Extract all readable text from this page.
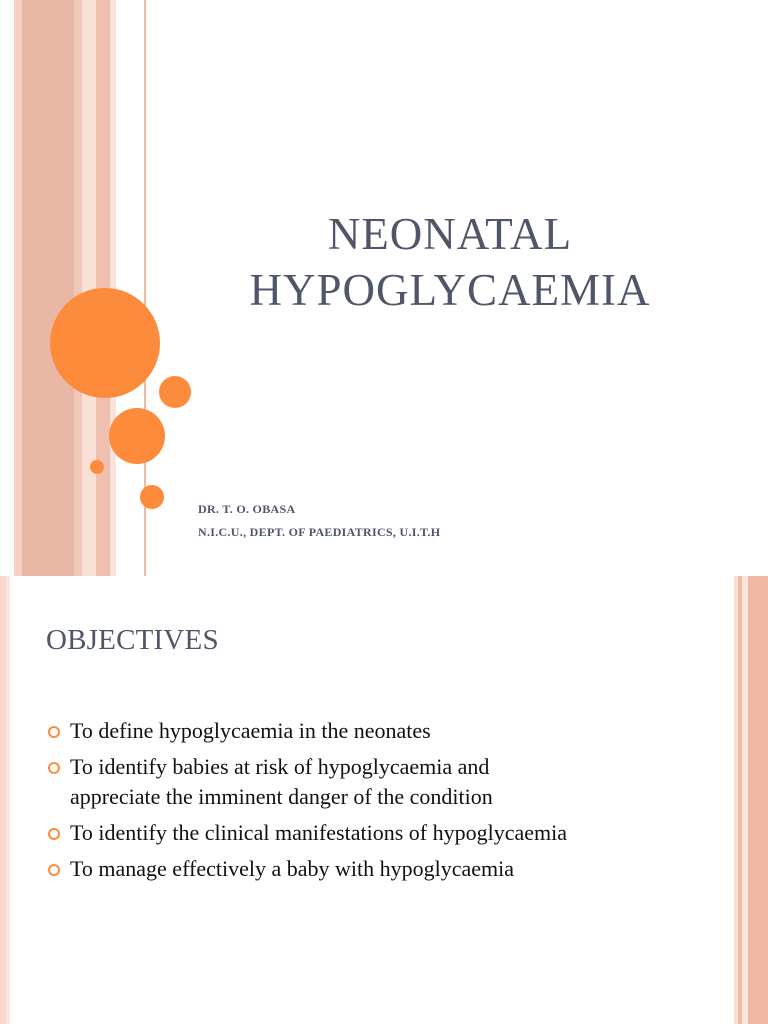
NEONATAL
HYPOGLYCAEMIA
DR. T. O. OBASA
N.I.C.U., DEPT. OF PAEDIATRICS, U.I.T.H
OBJECTIVES
To define hypoglycaemia in the neonates
To identify babies at risk of hypoglycaemia and
appreciate the imminent danger of the condition
To identify the clinical manifestations of hypoglycaemia
To manage effectively a baby with hypoglycaemia
